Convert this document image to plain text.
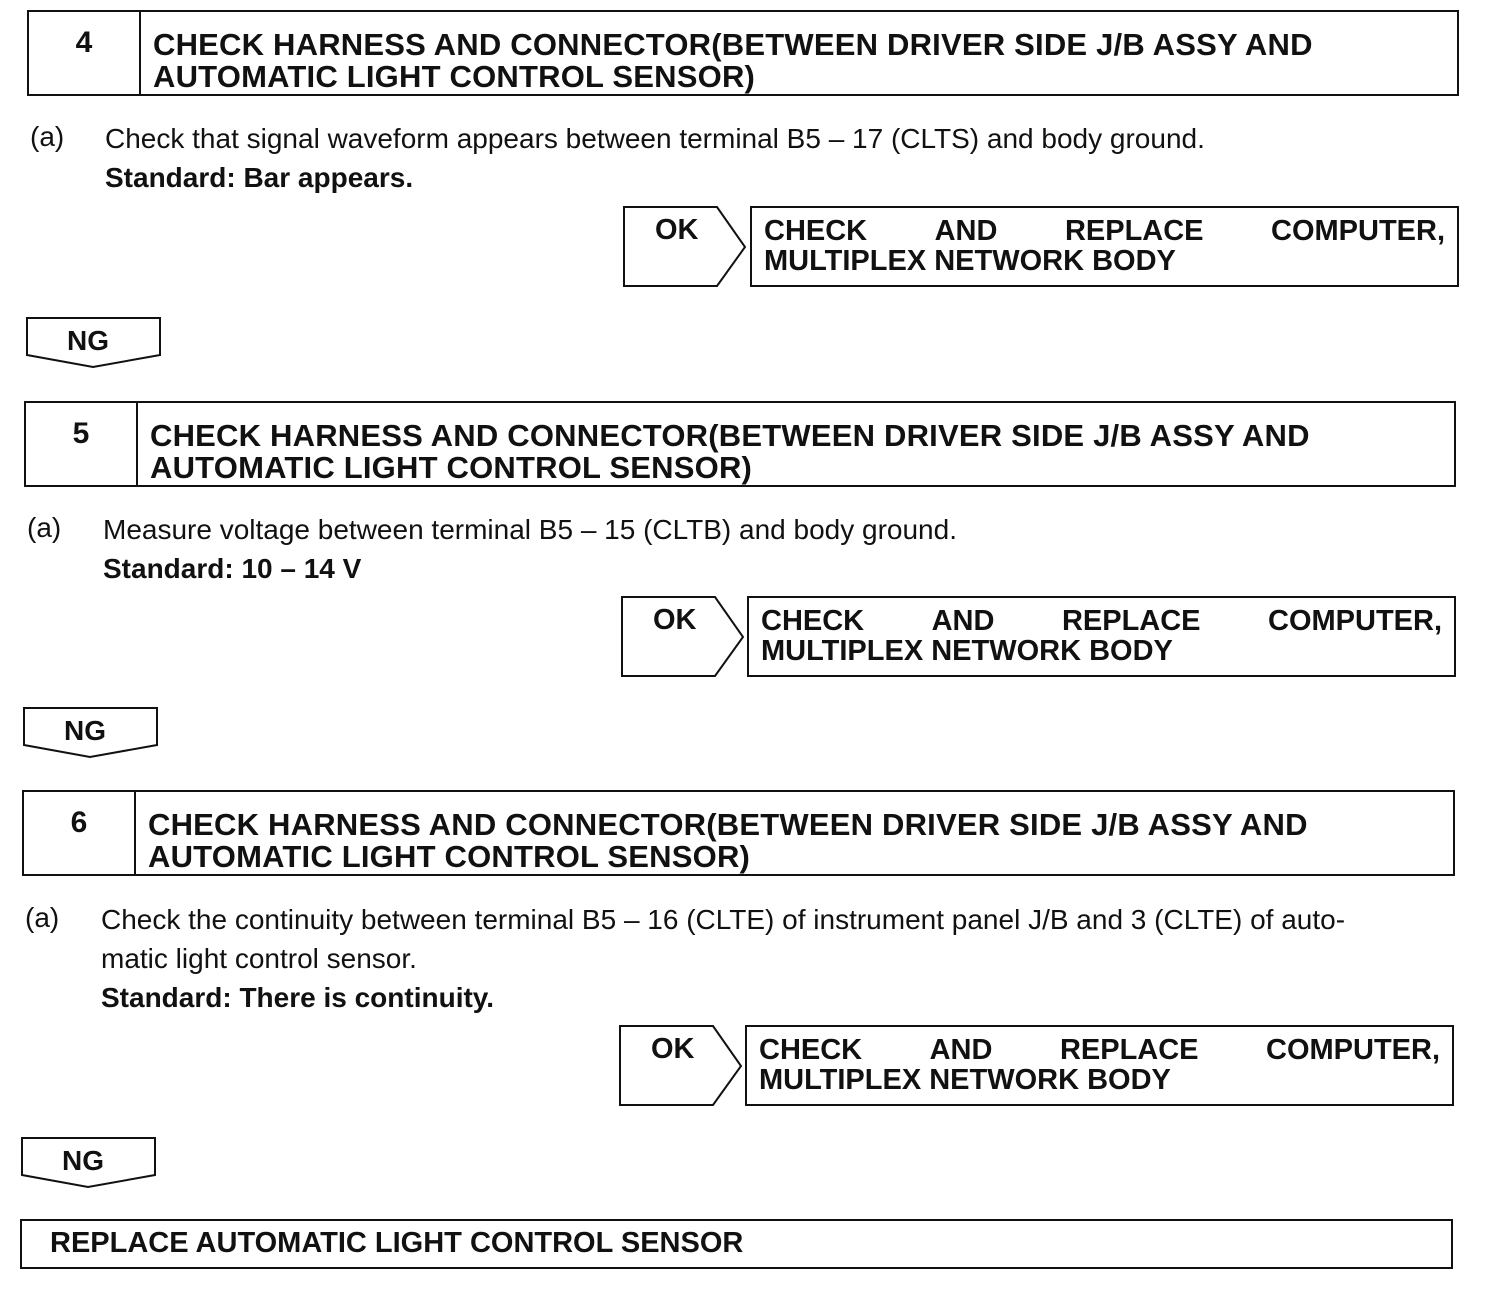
4	CHECK HARNESS AND CONNECTOR(BETWEEN DRIVER SIDE J/B ASSY AND AUTOMATIC LIGHT CONTROL SENSOR)
(a) Check that signal waveform appears between terminal B5 – 17 (CLTS) and body ground.
Standard: Bar appears.
OK CHECK AND REPLACE COMPUTER,
MULTIPLEX NETWORK BODY
NG
5	CHECK HARNESS AND CONNECTOR(BETWEEN DRIVER SIDE J/B ASSY AND AUTOMATIC LIGHT CONTROL SENSOR)
(a) Measure voltage between terminal B5 – 15 (CLTB) and body ground.
Standard: 10 – 14 V
OK CHECK AND REPLACE COMPUTER,
MULTIPLEX NETWORK BODY
NG
6	CHECK HARNESS AND CONNECTOR(BETWEEN DRIVER SIDE J/B ASSY AND AUTOMATIC LIGHT CONTROL SENSOR)
(a) Check the continuity between terminal B5 – 16 (CLTE) of instrument panel J/B and 3 (CLTE) of auto-
matic light control sensor.
Standard: There is continuity.
OK CHECK AND REPLACE COMPUTER,
MULTIPLEX NETWORK BODY
NG
REPLACE AUTOMATIC LIGHT CONTROL SENSOR
